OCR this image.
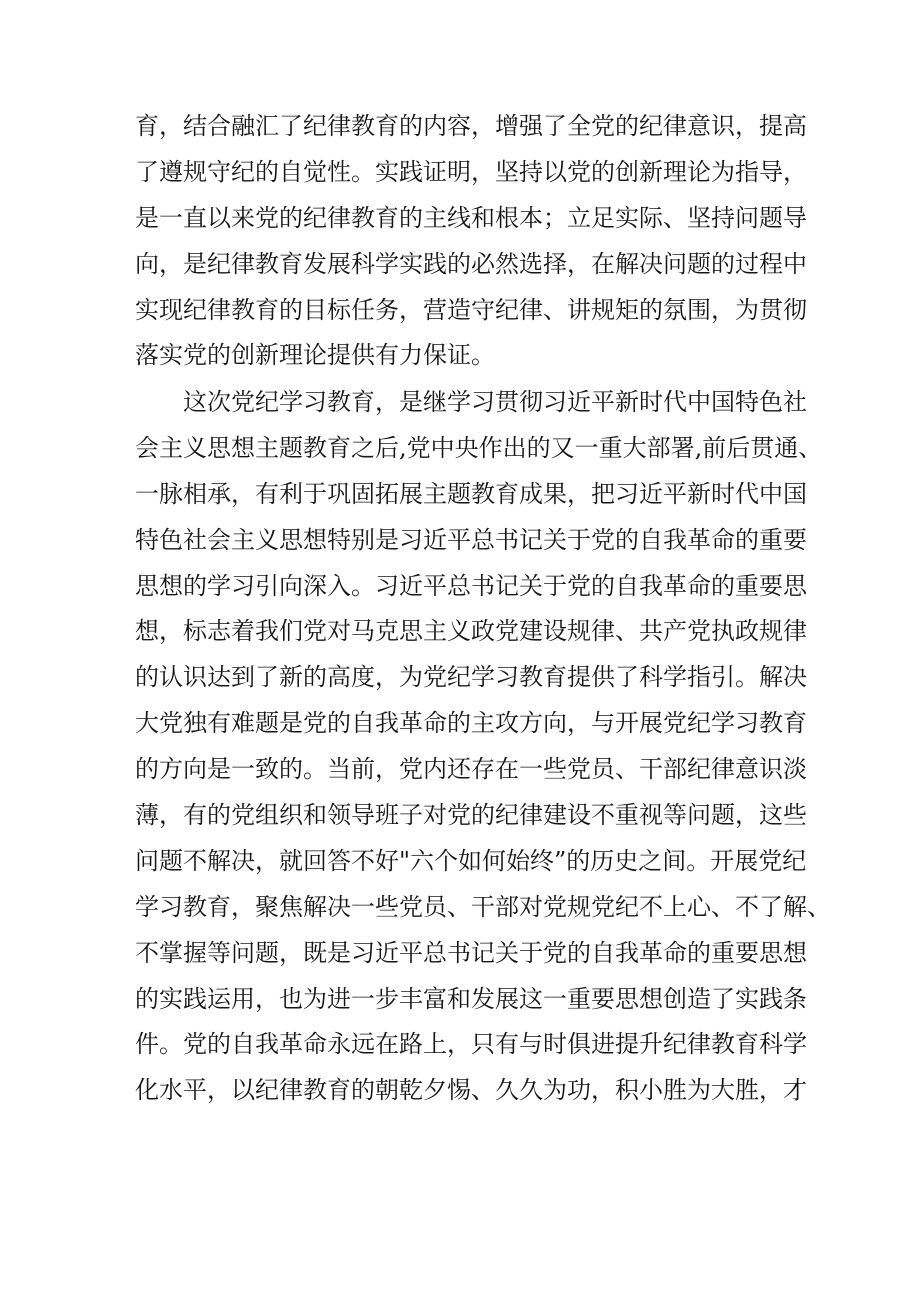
育，结合融汇了纪律教育的内容，增强了全党的纪律意识，提高
了遵规守纪的自觉性。实践证明，坚持以党的创新理论为指导，
是一直以来党的纪律教育的主线和根本；立足实际、坚持问题导
向，是纪律教育发展科学实践的必然选择，在解决问题的过程中
实现纪律教育的目标任务，营造守纪律、讲规矩的氛围，为贯彻
落实党的创新理论提供有力保证。
这次党纪学习教育，是继学习贯彻习近平新时代中国特色社
会主义思想主题教育之后,党中央作出的又一重大部署,前后贯通、
一脉相承，有利于巩固拓展主题教育成果，把习近平新时代中国
特色社会主义思想特别是习近平总书记关于党的自我革命的重要
思想的学习引向深入。习近平总书记关于党的自我革命的重要思
想，标志着我们党对马克思主义政党建设规律、共产党执政规律
的认识达到了新的高度，为党纪学习教育提供了科学指引。解决
大党独有难题是党的自我革命的主攻方向，与开展党纪学习教育
的方向是一致的。当前，党内还存在一些党员、干部纪律意识淡
薄，有的党组织和领导班子对党的纪律建设不重视等问题，这些
问题不解决，就回答不好"六个如何始终”的历史之间。开展党纪
学习教育，聚焦解决一些党员、干部对党规党纪不上心、不了解、
不掌握等问题，既是习近平总书记关于党的自我革命的重要思想
的实践运用，也为进一步丰富和发展这一重要思想创造了实践条
件。党的自我革命永远在路上，只有与时俱进提升纪律教育科学
化水平，以纪律教育的朝乾夕惕、久久为功，积小胜为大胜，才
